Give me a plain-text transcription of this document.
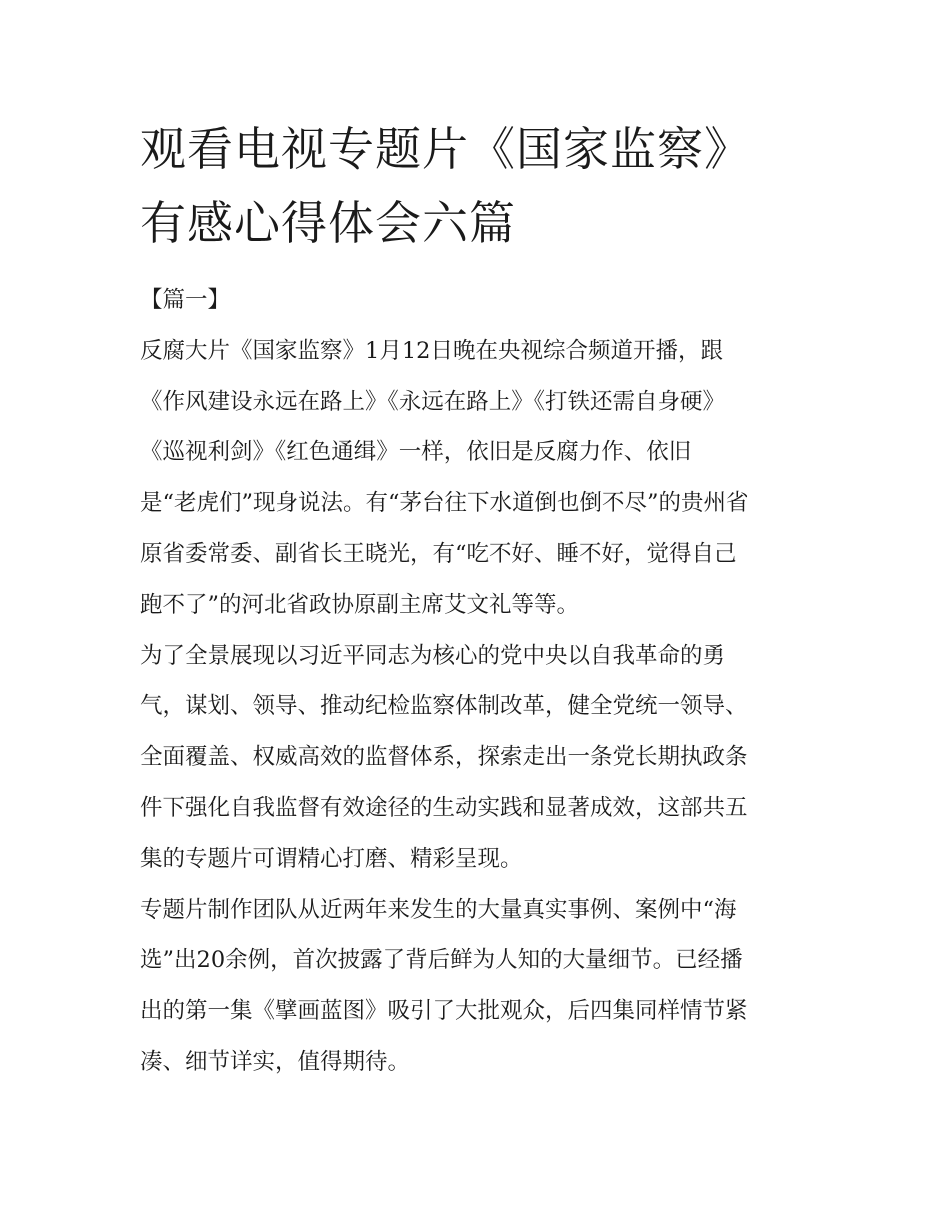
观看电视专题片《国家监察》
有感心得体会六篇
【篇一】
反腐大片《国家监察》1月12日晚在央视综合频道开播，跟
《作风建设永远在路上》《永远在路上》《打铁还需自身硬》
《巡视利剑》《红色通缉》一样，依旧是反腐力作、依旧
是“老虎们”现身说法。有“茅台往下水道倒也倒不尽”的贵州省
原省委常委、副省长王晓光，有“吃不好、睡不好，觉得自己
跑不了”的河北省政协原副主席艾文礼等等。
为了全景展现以习近平同志为核心的党中央以自我革命的勇
气，谋划、领导、推动纪检监察体制改革，健全党统一领导、
全面覆盖、权威高效的监督体系，探索走出一条党长期执政条
件下强化自我监督有效途径的生动实践和显著成效，这部共五
集的专题片可谓精心打磨、精彩呈现。
专题片制作团队从近两年来发生的大量真实事例、案例中“海
选”出20余例，首次披露了背后鲜为人知的大量细节。已经播
出的第一集《擘画蓝图》吸引了大批观众，后四集同样情节紧
凑、细节详实，值得期待。
